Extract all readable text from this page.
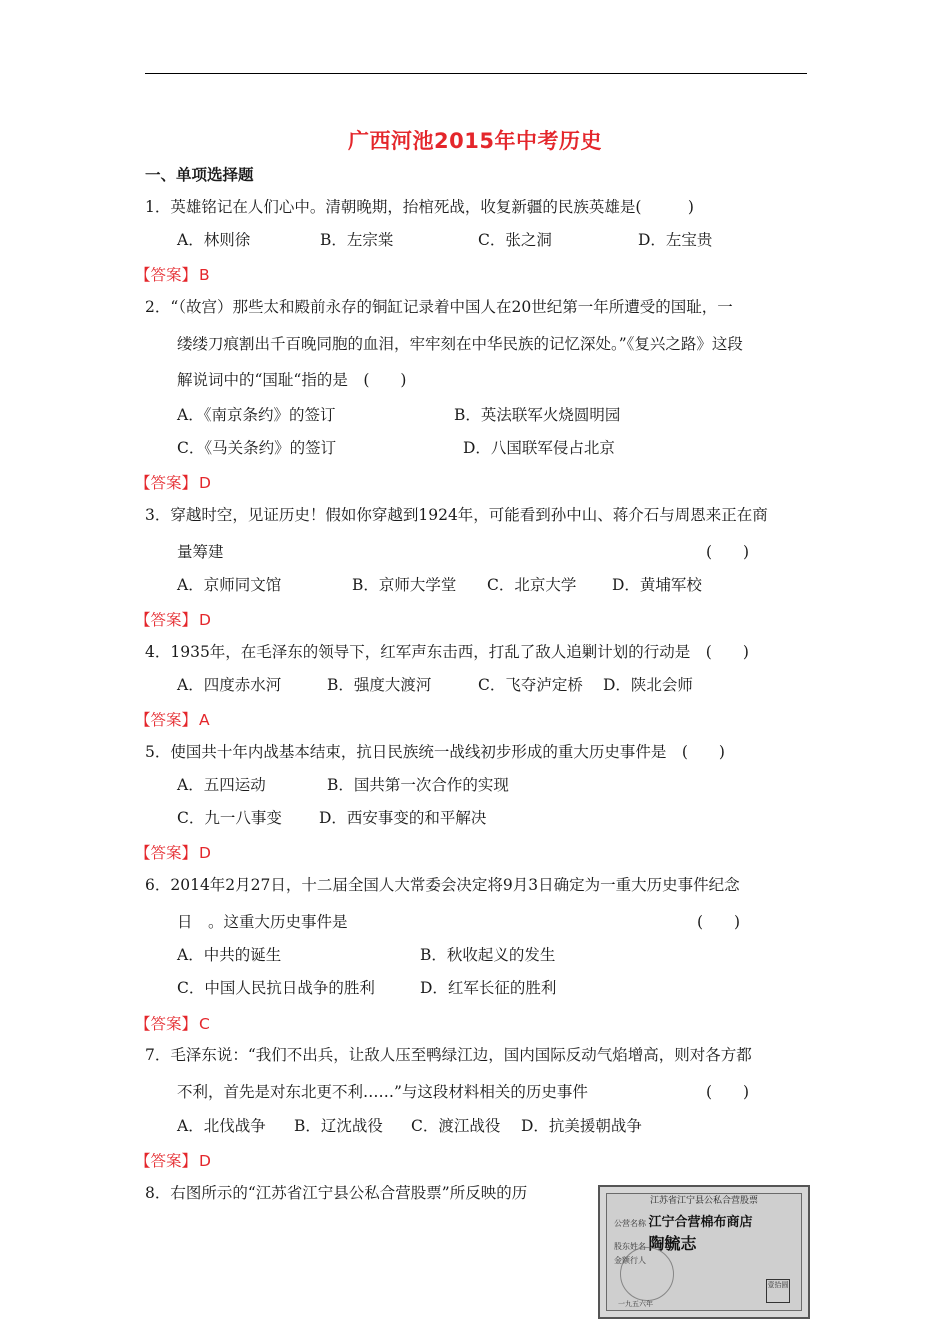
广西河池2015年中考历史
一、单项选择题
1．英雄铭记在人们心中。清朝晚期，抬棺死战，收复新疆的民族英雄是(　　　)
A．林则徐	B．左宗棠	C．张之洞	D．左宝贵
【答案】 B
2．“（故宫）那些太和殿前永存的铜缸记录着中国人在20世纪第一年所遭受的国耻，一
缕缕刀痕割出千百晚同胞的血泪，牢牢刻在中华民族的记忆深处。”《复兴之路》这段
解说词中的“国耻“指的是　(　　)
A．《南京条约》的签订	B．英法联军火烧圆明园
C．《马关条约》的签订	D．八国联军侵占北京
【答案】 D
3．穿越时空，见证历史！假如你穿越到1924年，可能看到孙中山、蒋介石与周恩来正在商
量筹建	(　　)
A．京师同文馆	B．京师大学堂 C．北京大学 D．黄埔军校
【答案】 D
4．1935年，在毛泽东的领导下，红军声东击西，打乱了敌人追剿计划的行动是　(　　)
A．四度赤水河	B．强度大渡河	C．飞夺泸定桥 D．陕北会师
【答案】 A
5．使国共十年内战基本结束，抗日民族统一战线初步形成的重大历史事件是　(　　)
A．五四运动	B．国共第一次合作的实现
C．九一八事变 D．西安事变的和平解决
【答案】 D
6．2014年2月27日，十二届全国人大常委会决定将9月3日确定为一重大历史事件纪念
日　。这重大历史事件是	(　　)
A．中共的诞生	B．秋收起义的发生
C．中国人民抗日战争的胜利	D．红军长征的胜利
【答案】 C
7．毛泽东说：“我们不出兵，让敌人压至鸭绿江边，国内国际反动气焰增高，则对各方都
不利，首先是对东北更不利……”与这段材料相关的历史事件	(　　)
A．北伐战争 B．辽沈战役 C．渡江战役 D．抗美援朝战争
【答案】 D
8．右图所示的“江苏省江宁县公私合营股票”所反映的历	江苏省江宁县公私合营股票
公营名称 江宁合营棉布商店
股东姓名 陶毓志
金额行人
壹拾圆
一九五六年
